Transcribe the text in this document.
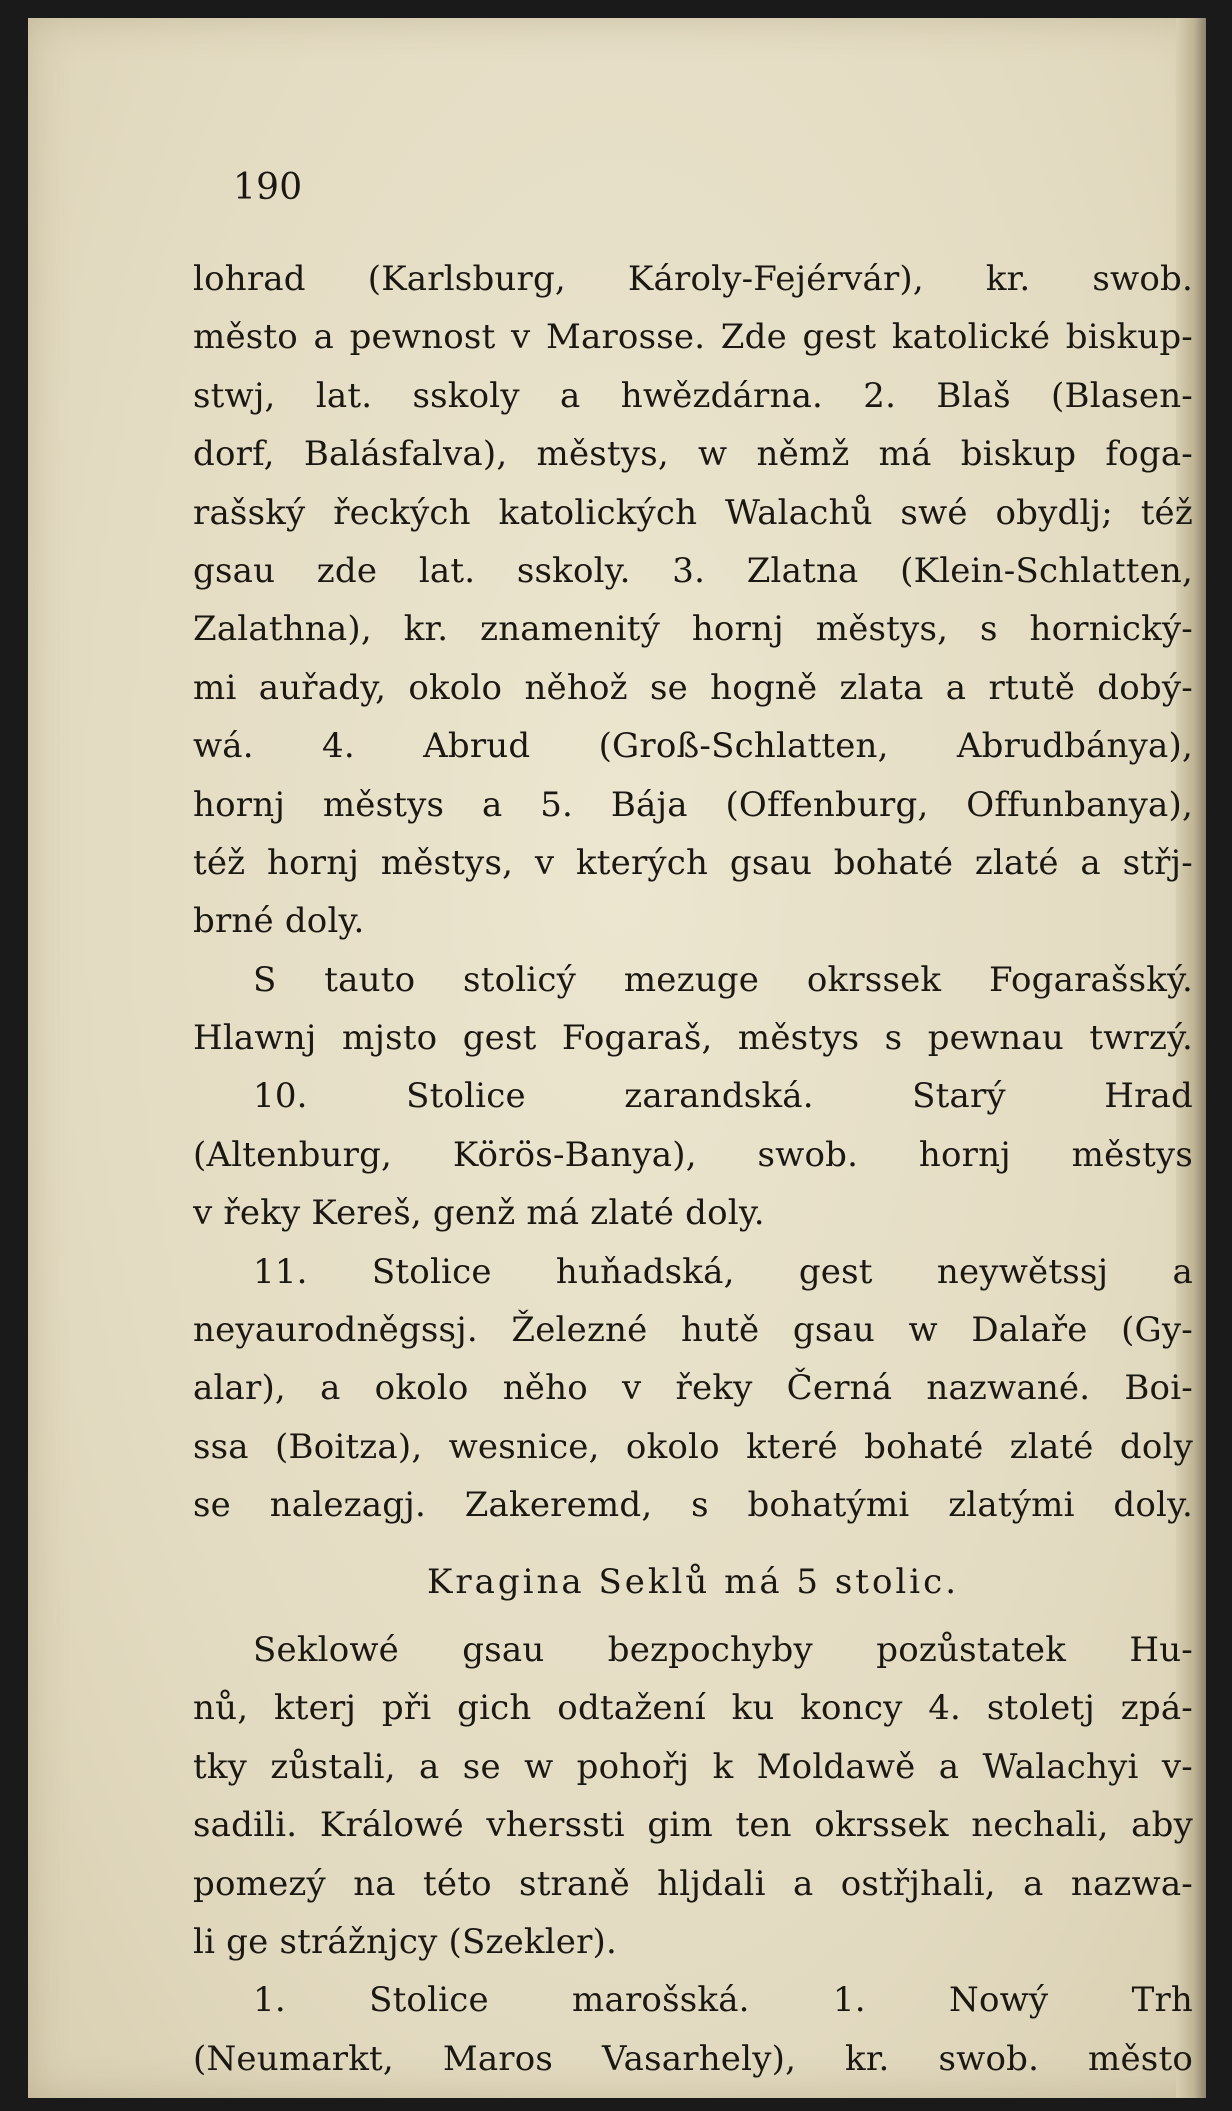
190
lohrad (Karlsburg, Károly-Fejérvár), kr. swob.
město a pewnost v Marosse. Zde gest katolické biskup-
stwj, lat. sskoly a hwězdárna. 2. Blaš (Blasen-
dorf, Balásfalva), městys, w němž má biskup foga-
rašský řeckých katolických Walachů swé obydlj; též
gsau zde lat. sskoly. 3. Zlatna (Klein-Schlatten,
Zalathna), kr. znamenitý hornj městys, s hornický-
mi auřady, okolo něhož se hogně zlata a rtutě dobý-
wá. 4. Abrud (Groß-Schlatten, Abrudbánya),
hornj městys a 5. Bája (Offenburg, Offunbanya),
též hornj městys, v kterých gsau bohaté zlaté a střj-
brné doly.
S tauto stolicý mezuge okrssek Fogarašský.
Hlawnj mjsto gest Fogaraš, městys s pewnau twrzý.
10. Stolice zarandská. Starý Hrad
(Altenburg, Körös-Banya), swob. hornj městys
v řeky Kereš, genž má zlaté doly.
11. Stolice huňadská, gest neywětssj a
neyaurodněgssj. Železné hutě gsau w Dalaře (Gy-
alar), a okolo něho v řeky Černá nazwané. Boi-
ssa (Boitza), wesnice, okolo které bohaté zlaté doly
se nalezagj. Zakeremd, s bohatými zlatými doly.
Kragina Seklů má 5 stolic.
Seklowé gsau bezpochyby pozůstatek Hu-
nů, kterj při gich odtažení ku koncy 4. stoletj zpá-
tky zůstali, a se w pohořj k Moldawě a Walachyi v-
sadili. Králowé vherssti gim ten okrssek nechali, aby
pomezý na této straně hljdali a ostřjhali, a nazwa-
li ge strážnjcy (Szekler).
1. Stolice marošská. 1. Nowý Trh
(Neumarkt, Maros Vasarhely), kr. swob. město
